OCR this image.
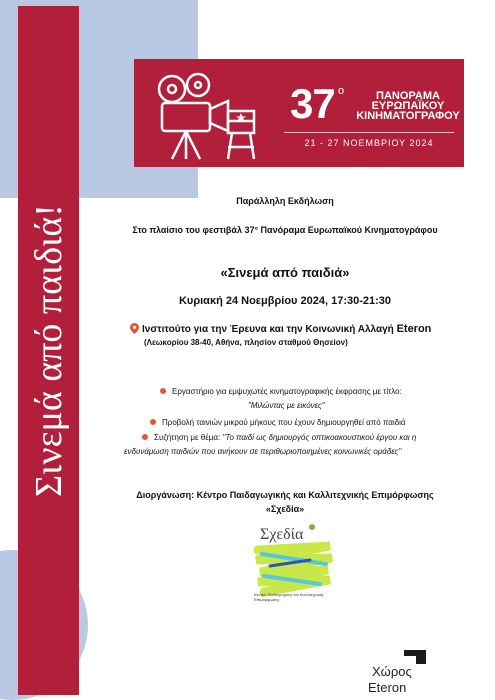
Σινεμά από παιδιά!
37 ο	ΠΑΝΟΡΑΜΑ ΕΥΡΩΠΑΪΚΟΥ ΚΙΝΗΜΑΤΟΓΡΑΦΟΥ
21 - 27 ΝΟΕΜΒΡΙΟΥ 2024
Παράλληλη Εκδήλωση
Στο πλαίσιο του φεστιβάλ 37° Πανόραμα Ευρωπαϊκού Κινηματογράφου
«Σινεμά από παιδιά»
Κυριακή 24 Νοεμβρίου 2024, 17:30-21:30
Ινστιτούτο για την Έρευνα και την Κοινωνική Αλλαγή Eteron
(Λεωκορίου 38-40, Αθήνα, πλησίον σταθμού Θησείον)
Εργαστήριο για εμψυχωτές κινηματογραφικής έκφρασης με τίτλο:
"Μιλώντας με εικόνες"
Προβολή ταινιών μικρού μήκους που έχουν δημιουργηθεί από παιδιά
Συζήτηση με θέμα: "Το παιδί ως δημιουργός οπτικοακουστικού έργου και η
ενδυνάμωση παιδιών που ανήκουν σε περιθωριοποιημένες κοινωνικές ομάδες"
Διοργάνωση: Κέντρο Παιδαγωγικής και Καλλιτεχνικής Επιμόρφωσης
«Σχεδία»
Σχεδία
Κέντρο Παιδαγωγικής και Καλλιτεχνικής Επιμόρφωσης
Χώρος
Eteron
